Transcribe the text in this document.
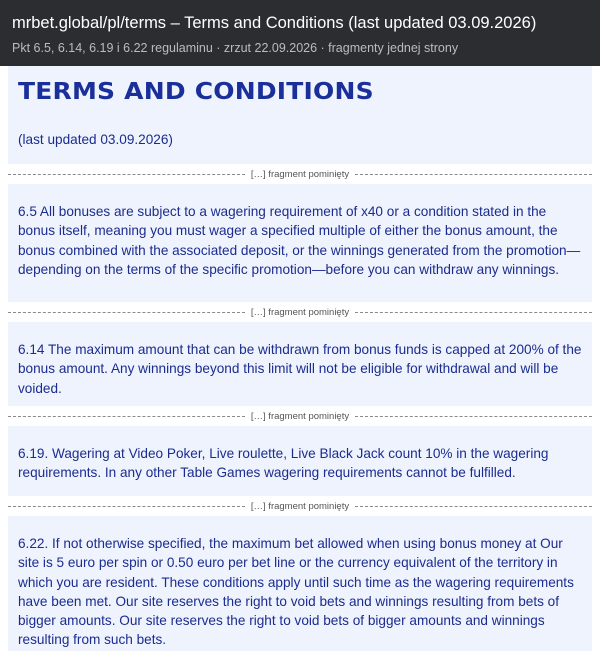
mrbet.global/pl/terms – Terms and Conditions (last updated 03.09.2026)
Pkt 6.5, 6.14, 6.19 i 6.22 regulaminu · zrzut 22.09.2026 · fragmenty jednej strony
TERMS AND CONDITIONS
(last updated 03.09.2026)
[…] fragment pominięty

6.5 All bonuses are subject to a wagering requirement of x40 or a condition stated in the bonus itself, meaning you must wager a specified multiple of either the bonus amount, the bonus combined with the associated deposit, or the winnings generated from the promotion—depending on the terms of the specific promotion—before you can withdraw any winnings.

[…] fragment pominięty

6.14 The maximum amount that can be withdrawn from bonus funds is capped at 200% of the bonus amount. Any winnings beyond this limit will not be eligible for withdrawal and will be voided.

[…] fragment pominięty

6.19. Wagering at Video Poker, Live roulette, Live Black Jack count 10% in the wagering requirements. In any other Table Games wagering requirements cannot be fulfilled.

[…] fragment pominięty

6.22. If not otherwise specified, the maximum bet allowed when using bonus money at Our site is 5 euro per spin or 0.50 euro per bet line or the currency equivalent of the territory in which you are resident. These conditions apply until such time as the wagering requirements have been met. Our site reserves the right to void bets and winnings resulting from bets of bigger amounts. Our site reserves the right to void bets of bigger amounts and winnings resulting from such bets.
